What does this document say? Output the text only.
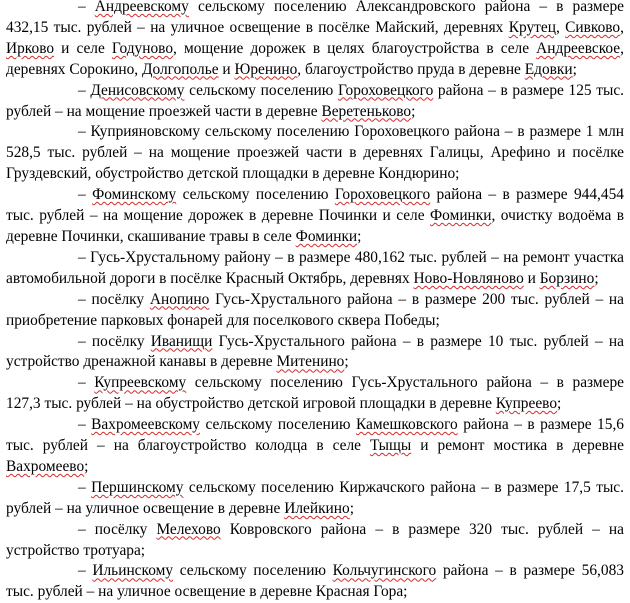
– Андреевскому сельскому поселению Александровского района – в размере 432,15 тыс. рублей – на уличное освещение в посёлке Майский, деревнях Крутец, Сивково, Ирково и селе Годуново, мощение дорожек в целях благоустройства в селе Андреевское, деревнях Сорокино, Долгополье и Юренино, благоустройство пруда в деревне Едовки;

– Денисовскому сельскому поселению Гороховецкого района – в размере 125 тыс. рублей – на мощение проезжей части в деревне Веретеньково;

– Куприяновскому сельскому поселению Гороховецкого района – в размере 1 млн 528,5 тыс. рублей – на мощение проезжей части в деревнях Галицы, Арефино и посёлке Груздевский, обустройство детской площадки в деревне Кондюрино;

– Фоминскому сельскому поселению Гороховецкого района – в размере 944,454 тыс. рублей – на мощение дорожек в деревне Починки и селе Фоминки, очистку водоёма в деревне Починки, скашивание травы в селе Фоминки;

– Гусь-Хрустальному району – в размере 480,162 тыс. рублей – на ремонт участка автомобильной дороги в посёлке Красный Октябрь, деревнях Ново-Новляново и Борзино;

– посёлку Анопино Гусь-Хрустального района – в размере 200 тыс. рублей – на приобретение парковых фонарей для поселкового сквера Победы;

– посёлку Иванищи Гусь-Хрустального района – в размере 10 тыс. рублей – на устройство дренажной канавы в деревне Митенино;

– Купреевскому сельскому поселению Гусь-Хрустального района – в размере 127,3 тыс. рублей – на обустройство детской игровой площадки в деревне Купреево;

– Вахромеевскому сельскому поселению Камешковского района – в размере 15,6 тыс. рублей – на благоустройство колодца в селе Тыщы и ремонт мостика в деревне Вахромеево;

– Першинскому сельскому поселению Киржачского района – в размере 17,5 тыс. рублей – на уличное освещение в деревне Илейкино;

– посёлку Мелехово Ковровского района – в размере 320 тыс. рублей – на устройство тротуара;

– Ильинскому сельскому поселению Кольчугинского района – в размере 56,083 тыс. рублей – на уличное освещение в деревне Красная Гора;
